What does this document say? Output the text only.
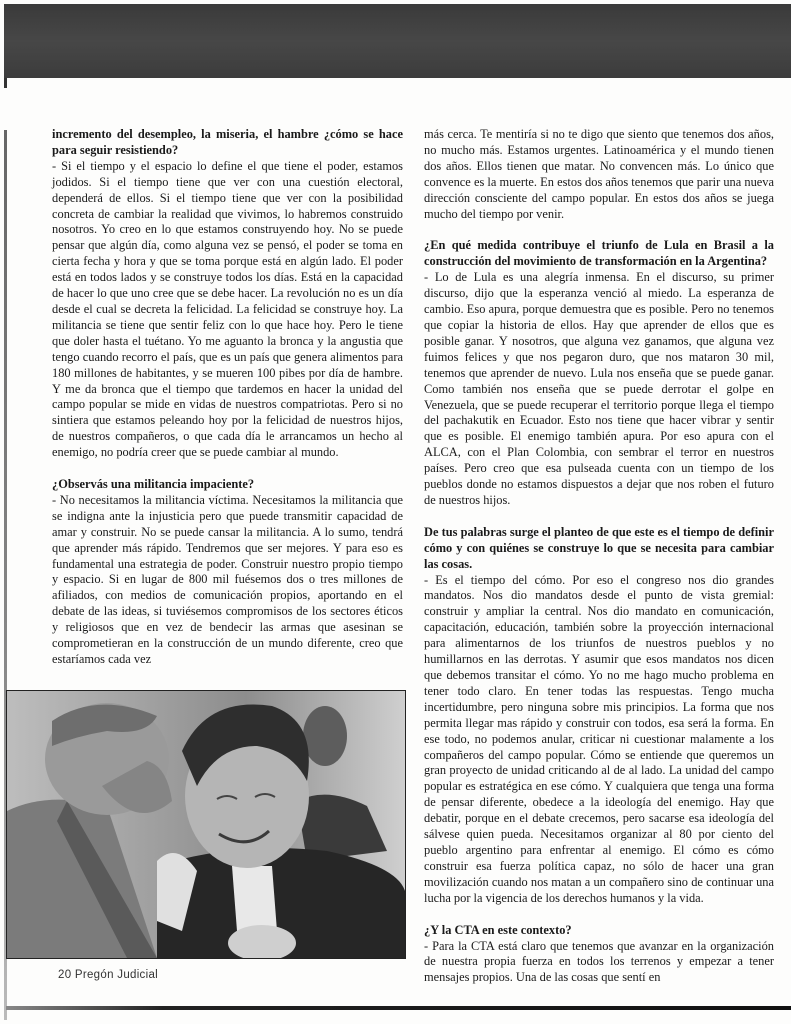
incremento del desempleo, la miseria, el hambre ¿cómo se hace para seguir resistiendo?

- Si el tiempo y el espacio lo define el que tiene el poder, estamos jodidos. Si el tiempo tiene que ver con una cuestión electoral, dependerá de ellos. Si el tiempo tiene que ver con la posibilidad concreta de cambiar la realidad que vivimos, lo habremos construido nosotros. Yo creo en lo que estamos construyendo hoy. No se puede pensar que algún día, como alguna vez se pensó, el poder se toma en cierta fecha y hora y que se toma porque está en algún lado. El poder está en todos lados y se construye todos los días. Está en la capacidad de hacer lo que uno cree que se debe hacer. La revolución no es un día desde el cual se decreta la felicidad. La felicidad se construye hoy. La militancia se tiene que sentir feliz con lo que hace hoy. Pero le tiene que doler hasta el tuétano. Yo me aguanto la bronca y la angustia que tengo cuando recorro el país, que es un país que genera alimentos para 180 millones de habitantes, y se mueren 100 pibes por día de hambre. Y me da bronca que el tiempo que tardemos en hacer la unidad del campo popular se mide en vidas de nuestros compatriotas. Pero si no sintiera que estamos peleando hoy por la felicidad de nuestros hijos, de nuestros compañeros, o que cada día le arrancamos un hecho al enemigo, no podría creer que se puede cambiar al mundo.

¿Observás una militancia impaciente?

- No necesitamos la militancia víctima. Necesitamos la militancia que se indigna ante la injusticia pero que puede transmitir capacidad de amar y construir. No se puede cansar la militancia. A lo sumo, tendrá que aprender más rápido. Tendremos que ser mejores. Y para eso es fundamental una estrategia de poder. Construir nuestro propio tiempo y espacio. Si en lugar de 800 mil fuésemos dos o tres millones de afiliados, con medios de comunicación propios, aportando en el debate de las ideas, si tuviésemos compromisos de los sectores éticos y religiosos que en vez de bendecir las armas que asesinan se comprometieran en la construcción de un mundo diferente, creo que estaríamos cada vez

más cerca. Te mentiría si no te digo que siento que tenemos dos años, no mucho más. Estamos urgentes. Latinoamérica y el mundo tienen dos años. Ellos tienen que matar. No convencen más. Lo único que convence es la muerte. En estos dos años tenemos que parir una nueva dirección consciente del campo popular. En estos dos años se juega mucho del tiempo por venir.

¿En qué medida contribuye el triunfo de Lula en Brasil a la construcción del movimiento de transformación en la Argentina?

- Lo de Lula es una alegría inmensa. En el discurso, su primer discurso, dijo que la esperanza venció al miedo. La esperanza de cambio. Eso apura, porque demuestra que es posible. Pero no tenemos que copiar la historia de ellos. Hay que aprender de ellos que es posible ganar. Y nosotros, que alguna vez ganamos, que alguna vez fuimos felices y que nos pegaron duro, que nos mataron 30 mil, tenemos que aprender de nuevo. Lula nos enseña que se puede ganar. Como también nos enseña que se puede derrotar el golpe en Venezuela, que se puede recuperar el territorio porque llega el tiempo del pachakutik en Ecuador. Esto nos tiene que hacer vibrar y sentir que es posible. El enemigo también apura. Por eso apura con el ALCA, con el Plan Colombia, con sembrar el terror en nuestros países. Pero creo que esa pulseada cuenta con un tiempo de los pueblos donde no estamos dispuestos a dejar que nos roben el futuro de nuestros hijos.

De tus palabras surge el planteo de que este es el tiempo de definir cómo y con quiénes se construye lo que se necesita para cambiar las cosas.

- Es el tiempo del cómo. Por eso el congreso nos dio grandes mandatos. Nos dio mandatos desde el punto de vista gremial: construir y ampliar la central. Nos dio mandato en comunicación, capacitación, educación, también sobre la proyección internacional para alimentarnos de los triunfos de nuestros pueblos y no humillarnos en las derrotas. Y asumir que esos mandatos nos dicen que debemos transitar el cómo. Yo no me hago mucho problema en tener todo claro. En tener todas las respuestas. Tengo mucha incertidumbre, pero ninguna sobre mis principios. La forma que nos permita llegar mas rápido y construir con todos, esa será la forma. En ese todo, no podemos anular, criticar ni cuestionar malamente a los compañeros del campo popular. Cómo se entiende que queremos un gran proyecto de unidad criticando al de al lado. La unidad del campo popular es estratégica en ese cómo. Y cualquiera que tenga una forma de pensar diferente, obedece a la ideología del enemigo. Hay que debatir, porque en el debate crecemos, pero sacarse esa ideología del sálvese quien pueda. Necesitamos organizar al 80 por ciento del pueblo argentino para enfrentar al enemigo. El cómo es cómo construir esa fuerza política capaz, no sólo de hacer una gran movilización cuando nos matan a un compañero sino de continuar una lucha por la vigencia de los derechos humanos y la vida.

¿Y la CTA en este contexto?

- Para la CTA está claro que tenemos que avanzar en la organización de nuestra propia fuerza en todos los terrenos y empezar a tener mensajes propios. Una de las cosas que sentí en

20 Pregón Judicial
